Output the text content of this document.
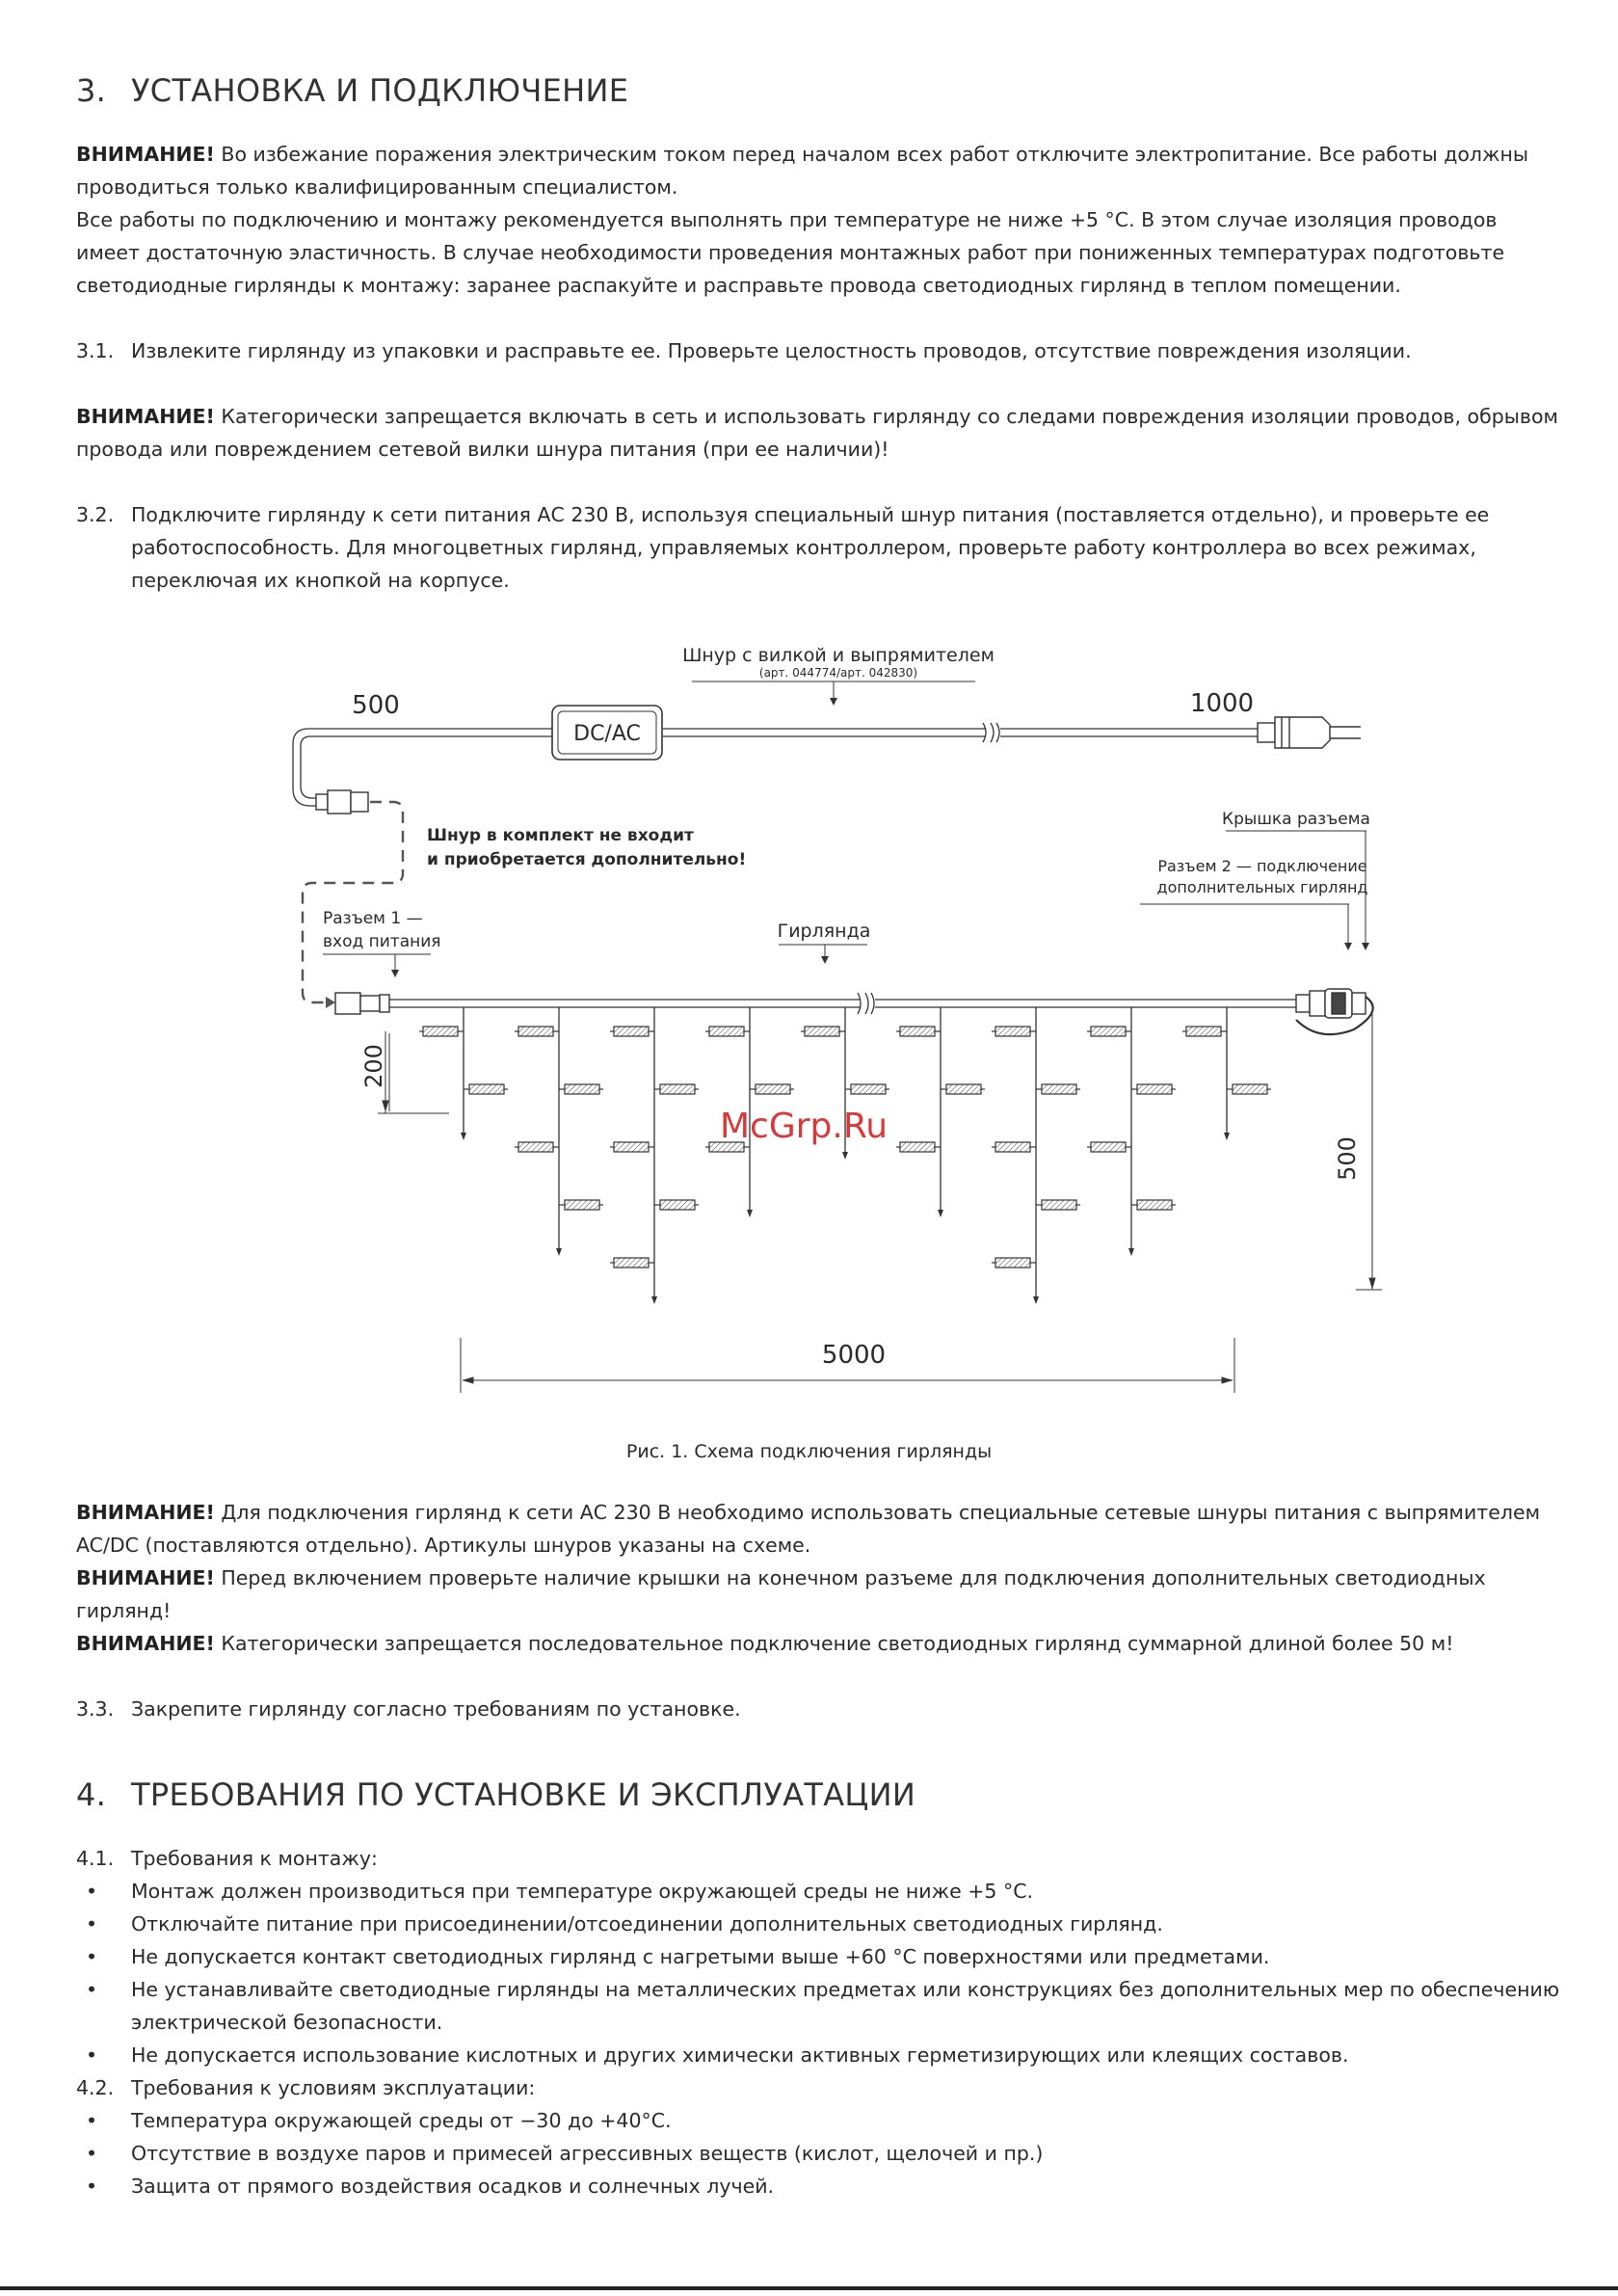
3. УСТАНОВКА И ПОДКЛЮЧЕНИЕ
ВНИМАНИЕ! Во избежание поражения электрическим током перед началом всех работ отключите электропитание. Все работы должны проводиться только квалифицированным специалистом.
Все работы по подключению и монтажу рекомендуется выполнять при температуре не ниже +5 °С. В этом случае изоляция проводов имеет достаточную эластичность. В случае необходимости проведения монтажных работ при пониженных температурах подготовьте светодиодные гирлянды к монтажу: заранее распакуйте и расправьте провода светодиодных гирлянд в теплом помещении.
3.1. Извлеките гирлянду из упаковки и расправьте ее. Проверьте целостность проводов, отсутствие повреждения изоляции.
ВНИМАНИЕ! Категорически запрещается включать в сеть и использовать гирлянду со следами повреждения изоляции проводов, обрывом провода или повреждением сетевой вилки шнура питания (при ее наличии)!
3.2. Подключите гирлянду к сети питания АС 230 В, используя специальный шнур питания (поставляется отдельно), и проверьте ее работоспособность. Для многоцветных гирлянд, управляемых контроллером, проверьте работу контроллера во всех режимах, переключая их кнопкой на корпусе.
Шнур с вилкой и выпрямителем
(арт. 044774/арт. 042830)
500	1000
DC/AC
Шнур в комплект не входит
и приобретается дополнительно!
Разъем 1 —
вход питания	Гирлянда
Крышка разъема
Разъем 2 — подключение
дополнительных гирлянд
200
500
5000
McGrp.Ru
Рис. 1. Схема подключения гирлянды
ВНИМАНИЕ! Для подключения гирлянд к сети АС 230 В необходимо использовать специальные сетевые шнуры питания с выпрямителем AC/DC (поставляются отдельно). Артикулы шнуров указаны на схеме.
ВНИМАНИЕ! Перед включением проверьте наличие крышки на конечном разъеме для подключения дополнительных светодиодных гирлянд!
ВНИМАНИЕ! Категорически запрещается последовательное подключение светодиодных гирлянд суммарной длиной более 50 м!
3.3. Закрепите гирлянду согласно требованиям по установке.
4. ТРЕБОВАНИЯ ПО УСТАНОВКЕ И ЭКСПЛУАТАЦИИ
4.1. Требования к монтажу:
• Монтаж должен производиться при температуре окружающей среды не ниже +5 °С.
• Отключайте питание при присоединении/отсоединении дополнительных светодиодных гирлянд.
• Не допускается контакт светодиодных гирлянд с нагретыми выше +60 °С поверхностями или предметами.
• Не устанавливайте светодиодные гирлянды на металлических предметах или конструкциях без дополнительных мер по обеспечению электрической безопасности.
• Не допускается использование кислотных и других химически активных герметизирующих или клеящих составов.
4.2. Требования к условиям эксплуатации:
• Температура окружающей среды от −30 до +40°С.
• Отсутствие в воздухе паров и примесей агрессивных веществ (кислот, щелочей и пр.)
• Защита от прямого воздействия осадков и солнечных лучей.
